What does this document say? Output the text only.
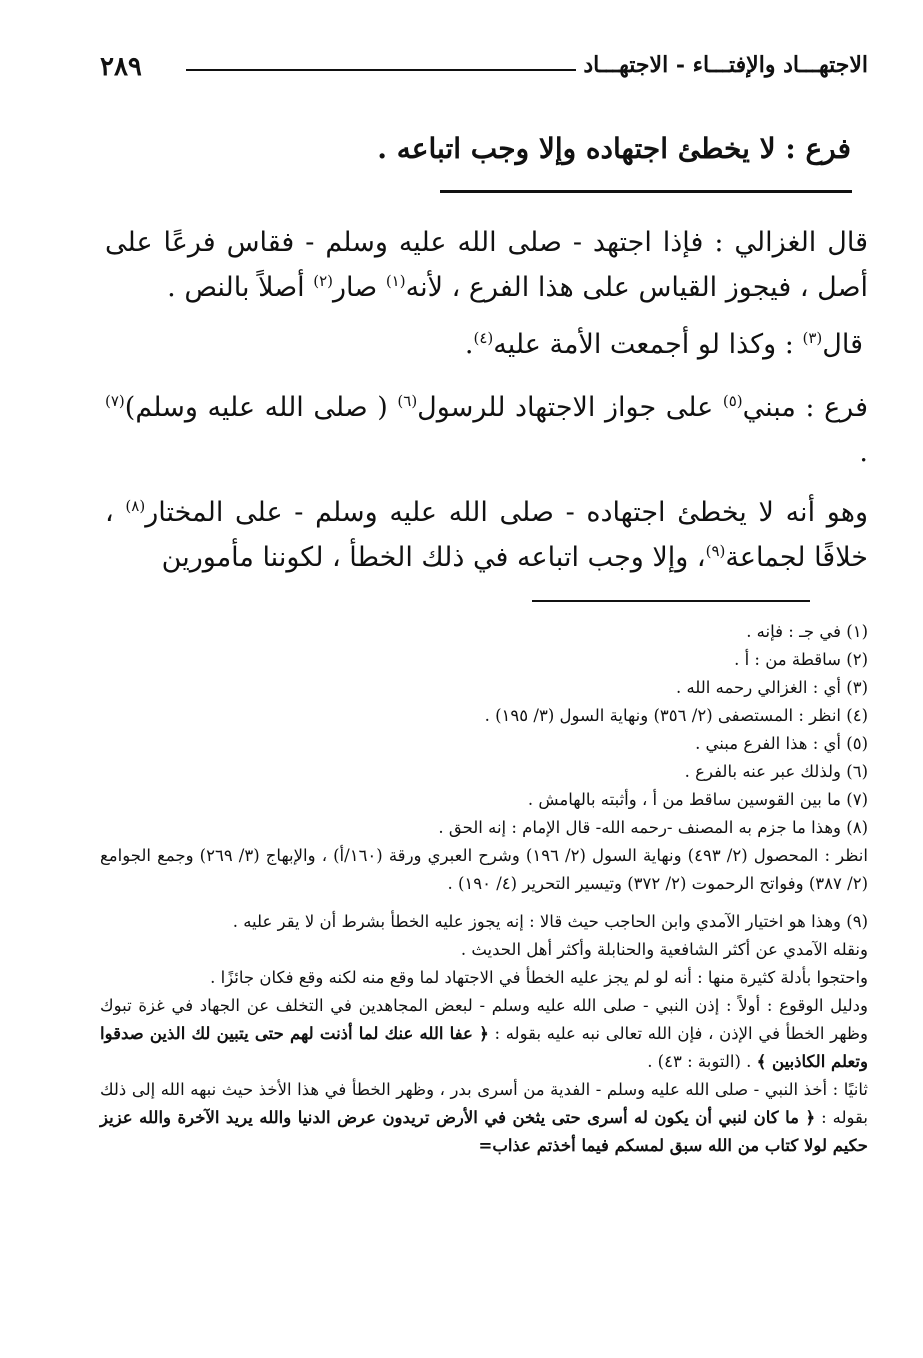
٢٨٩	الاجتهـــاد والإفتـــاء - الاجتهـــاد
فرع : لا يخطئ اجتهاده وإلا وجب اتباعه .

قال الغزالي : فإذا اجتهد - صلى الله عليه وسلم - فقاس فرعًا على أصل ، فيجوز القياس على هذا الفرع ، لأنه$^{(١)}$ صار$^{(٢)}$ أصلاً بالنص .

قال$^{(٣)}$ : وكذا لو أجمعت الأمة عليه$^{(٤)}$.

فرع : مبني$^{(٥)}$ على جواز الاجتهاد للرسول$^{(٦)}$ ( صلى الله عليه وسلم)$^{(٧)}$ .

وهو أنه لا يخطئ اجتهاده - صلى الله عليه وسلم - على المختار$^{(٨)}$ ، خلافًا لجماعة$^{(٩)}$، وإلا وجب اتباعه في ذلك الخطأ ، لكوننا مأمورين

(١) في جـ : فإنه .

(٢) ساقطة من : أ .

(٣) أي : الغزالي رحمه الله .

(٤) انظر : المستصفى (٢/ ٣٥٦) ونهاية السول (٣/ ١٩٥) .

(٥) أي : هذا الفرع مبني .

(٦) ولذلك عبر عنه بالفرع .

(٧) ما بين القوسين ساقط من أ ، وأثبته بالهامش .

(٨) وهذا ما جزم به المصنف -رحمه الله- قال الإمام : إنه الحق .

انظر : المحصول (٢/ ٤٩٣) ونهاية السول (٢/ ١٩٦) وشرح العبري ورقة (١٦٠/أ) ، والإبهاج (٣/ ٢٦٩) وجمع الجوامع (٢/ ٣٨٧) وفواتح الرحموت (٢/ ٣٧٢) وتيسير التحرير (٤/ ١٩٠) .

(٩) وهذا هو اختيار الآمدي وابن الحاجب حيث قالا : إنه يجوز عليه الخطأ بشرط أن لا يقر عليه .

ونقله الآمدي عن أكثر الشافعية والحنابلة وأكثر أهل الحديث .

واحتجوا بأدلة كثيرة منها : أنه لو لم يجز عليه الخطأ في الاجتهاد لما وقع منه لكنه وقع فكان جائزًا .

ودليل الوقوع : أولاً : إذن النبي - صلى الله عليه وسلم - لبعض المجاهدين في التخلف عن الجهاد في غزة تبوك وظهر الخطأ في الإذن ، فإن الله تعالى نبه عليه بقوله : ﴿ عفا الله عنك لما أذنت لهم حتى يتبين لك الذين صدقوا وتعلم الكاذبين ﴾ . (التوبة : ٤٣) .

ثانيًا : أخذ النبي - صلى الله عليه وسلم - الفدية من أسرى بدر ، وظهر الخطأ في هذا الأخذ حيث نبهه الله إلى ذلك بقوله : ﴿ ما كان لنبي أن يكون له أسرى حتى يثخن في الأرض تريدون عرض الدنيا والله يريد الآخرة والله عزيز حكيم لولا كتاب من الله سبق لمسكم فيما أخذتم عذاب=
